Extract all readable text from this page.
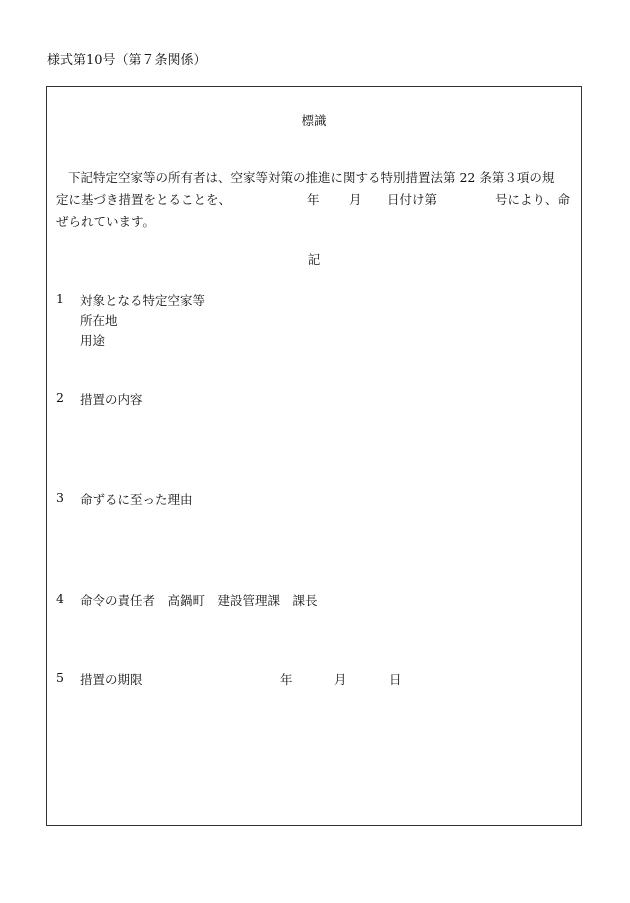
様式第10号（第７条関係）
標識
下記特定空家等の所有者は、空家等対策の推進に関する特別措置法第 22 条第３項の規
定に基づき措置をとることを、	年 月 日付け第	号により、命
ぜられています。
記
1 対象となる特定空家等
所在地
用途
2 措置の内容
3 命ずるに至った理由
4 命令の責任者　高鍋町　建設管理課　課長
5 措置の期限	年	月	日
